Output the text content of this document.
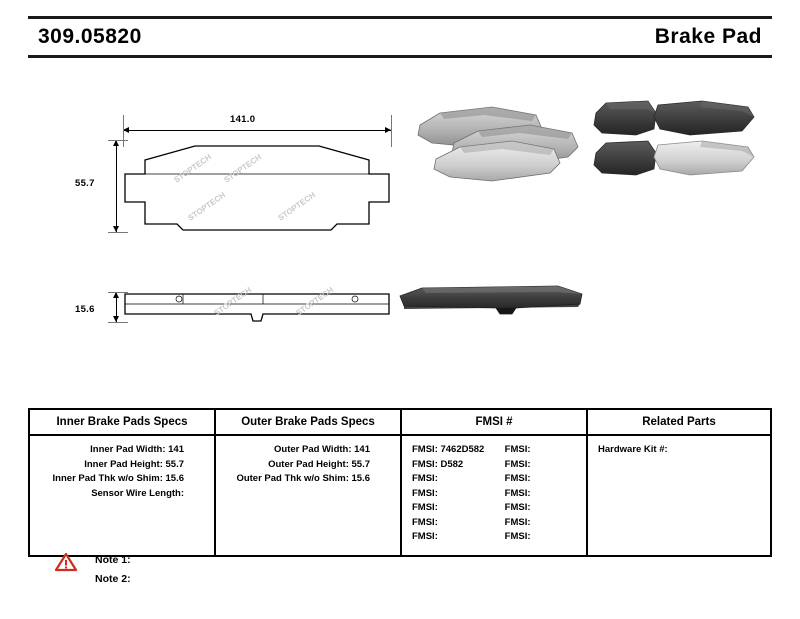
309.05820	Brake Pad
141.0
55.7
15.6
STOPTECH STOPTECH
STOPTECH	STOPTECH
STOPTECH	STOPTECH
Inner Brake Pads Specs
Inner Pad Width: 141
Inner Pad Height: 55.7
Inner Pad Thk w/o Shim: 15.6
Sensor Wire Length:
Outer Brake Pads Specs
Outer Pad Width: 141
Outer Pad Height: 55.7
Outer Pad Thk w/o Shim: 15.6
FMSI #
FMSI: 7462D582	FMSI:
FMSI: D582	FMSI:
FMSI:	FMSI:
FMSI:	FMSI:
FMSI:	FMSI:
FMSI:	FMSI:
FMSI:	FMSI:
Related Parts
Hardware Kit #:
Note 1:
Note 2:
